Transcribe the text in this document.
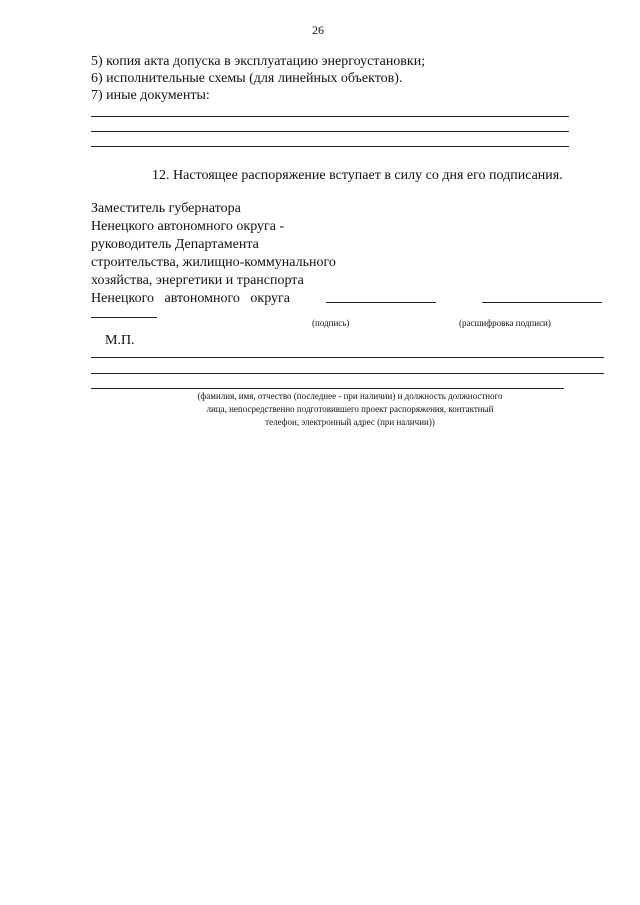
26
5) копия акта допуска в эксплуатацию энергоустановки;
6) исполнительные схемы (для линейных объектов).
7) иные документы:
12. Настоящее распоряжение вступает в силу со дня его подписания.
Заместитель губернатора
Ненецкого автономного округа -
руководитель Департамента
строительства, жилищно-коммунального
хозяйства, энергетики и транспорта
Ненецкого   автономного   округа
(подпись)	(расшифровка подписи)
М.П.
(фамилия, имя, отчество (последнее - при наличии) и должность должностного
лица, непосредственно подготовившего проект распоряжения, контактный
телефон, электронный адрес (при наличии))
